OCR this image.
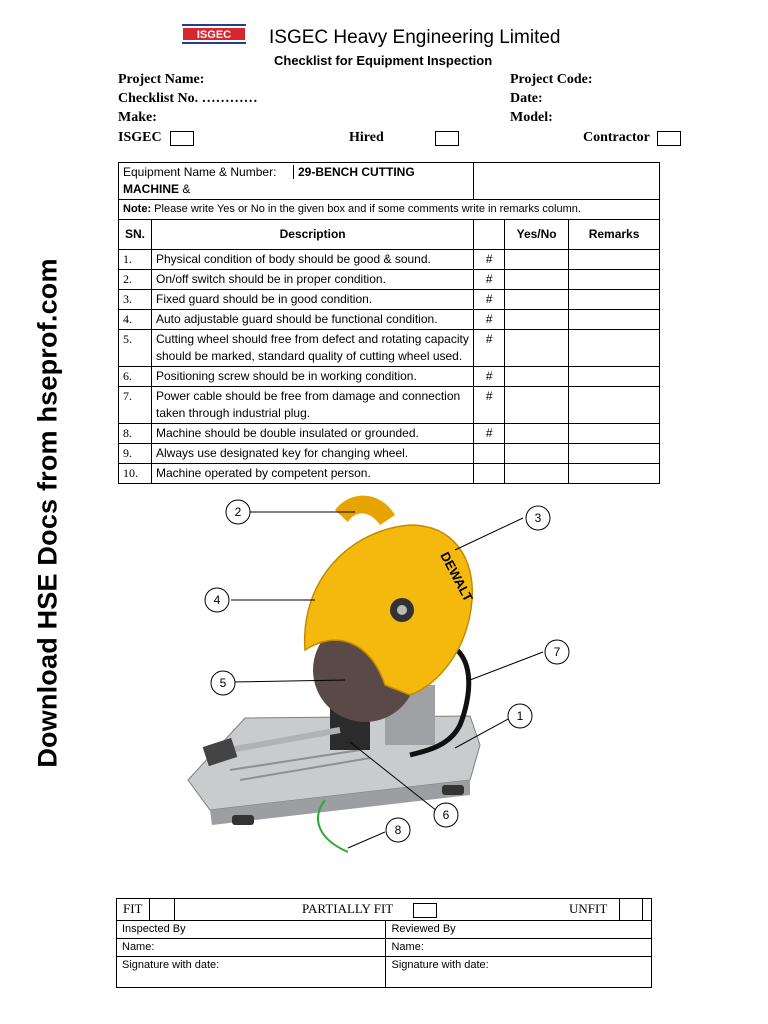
Download HSE Docs from hseprof.com
ISGEC ISGEC Heavy Engineering Limited
Checklist for Equipment Inspection
Project Name:
Checklist No. …………
Make:
Project Code:
Date:
Model:
ISGEC	Hired	Contractor
Equipment Name & Number: 29-BENCH CUTTING MACHINE &				
Note: Please write Yes or No in the given box and if some comments write in remarks column.				
SN.	Description		Yes/No	Remarks
1.	Physical condition of body should be good & sound.	#		
2.	On/off switch should be in proper condition.	#		
3.	Fixed guard should be in good condition.	#		
4.	Auto adjustable guard should be functional condition.	#		
5.	Cutting wheel should free from defect and rotating capacity should be marked, standard quality of cutting wheel used.	#		
6.	Positioning screw should be in working condition.	#		
7.	Power cable should be free from damage and connection taken through industrial plug.	#		
8.	Machine should be double insulated or grounded.	#		
9.	Always use designated key for changing wheel.			
10.	Machine operated by competent person.			
DEWALT
2	3
4
5
7
1
6
8
FIT PARTIALLY FIT UNFIT	

Inspected By	Reviewed By
Name:	Name:
Signature with date:	Signature with date:
